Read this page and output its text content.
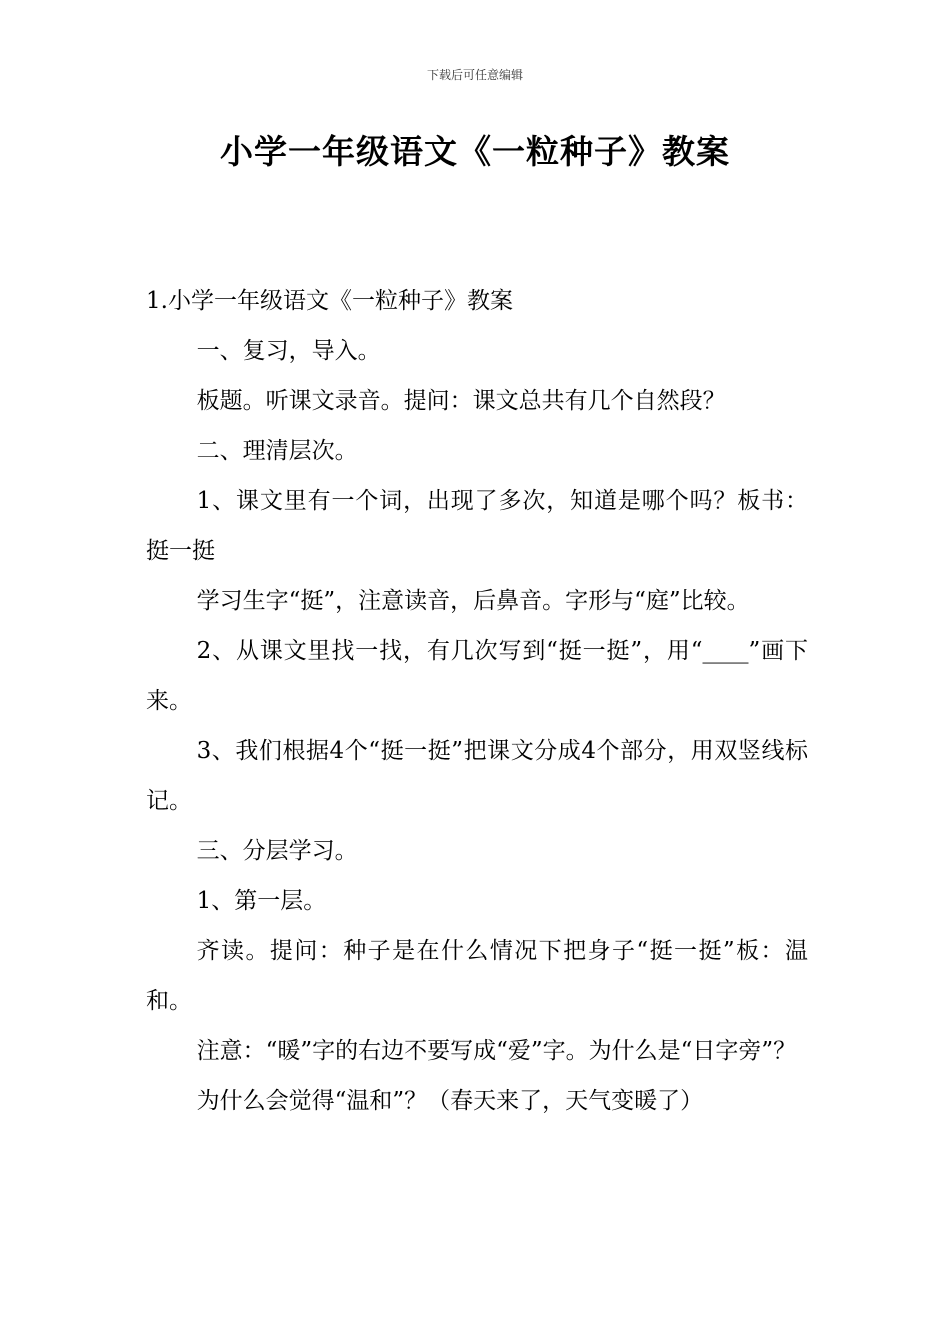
下载后可任意编辑
小学一年级语文《一粒种子》教案

1.小学一年级语文《一粒种子》教案

一、复习，导入。

板题。听课文录音。提问：课文总共有几个自然段？

二、理清层次。

1、课文里有一个词，出现了多次，知道是哪个吗？板书：挺一挺

学习生字“挺”，注意读音，后鼻音。字形与“庭”比较。

2、从课文里找一找，有几次写到“挺一挺”，用“____”画下来。

3、我们根据4个“挺一挺”把课文分成4个部分，用双竖线标记。

三、分层学习。

1、第一层。

齐读。提问：种子是在什么情况下把身子“挺一挺”板：温和。

注意：“暖”字的右边不要写成“爱”字。为什么是“日字旁”？

为什么会觉得“温和”？（春天来了，天气变暖了）
